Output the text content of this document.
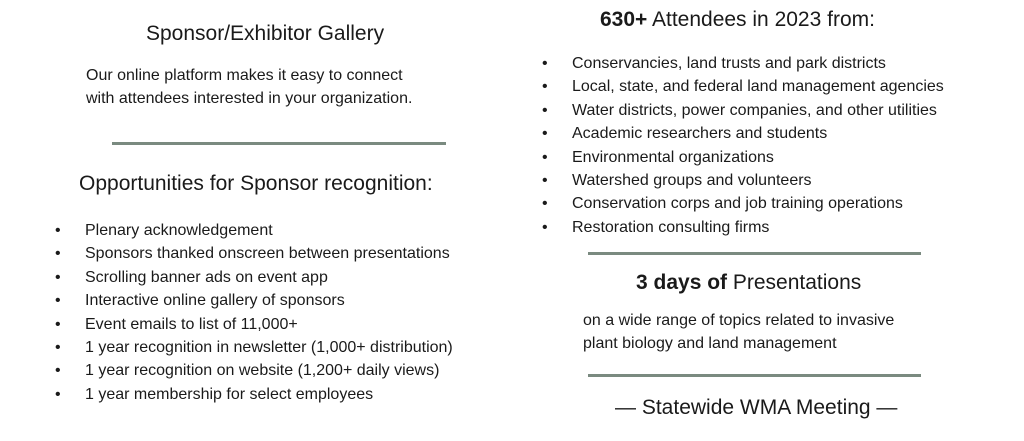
Sponsor/Exhibitor Gallery
Our online platform makes it easy to connect
with attendees interested in your organization.
Opportunities for Sponsor recognition:
• Plenary acknowledgement
• Sponsors thanked onscreen between presentations
• Scrolling banner ads on event app
• Interactive online gallery of sponsors
• Event emails to list of 11,000+
• 1 year recognition in newsletter (1,000+ distribution)
• 1 year recognition on website (1,200+ daily views)
• 1 year membership for select employees
630+ Attendees in 2023 from:
• Conservancies, land trusts and park districts
• Local, state, and federal land management agencies
• Water districts, power companies, and other utilities
• Academic researchers and students
• Environmental organizations
• Watershed groups and volunteers
• Conservation corps and job training operations
• Restoration consulting firms
3 days of Presentations
on a wide range of topics related to invasive
plant biology and land management
— Statewide WMA Meeting —
